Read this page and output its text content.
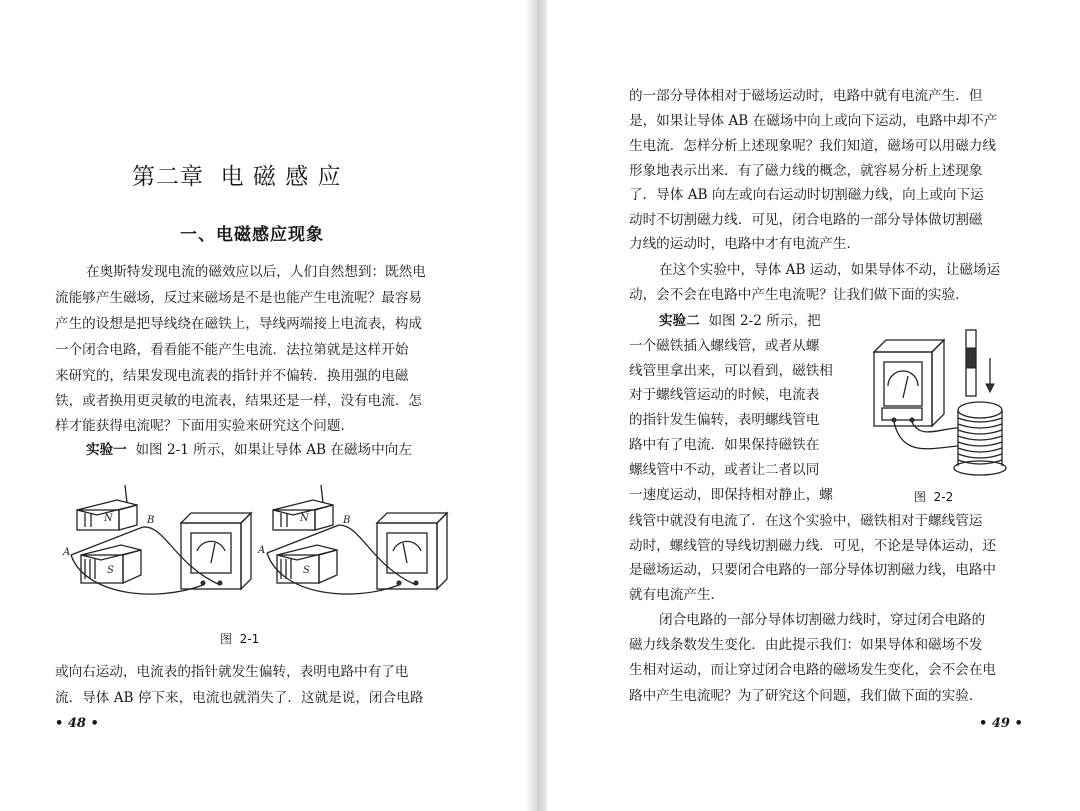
第二章  电 磁 感 应
一、电磁感应现象

在奥斯特发现电流的磁效应以后，人们自然想到：既然电

流能够产生磁场，反过来磁场是不是也能产生电流呢？最容易

产生的设想是把导线绕在磁铁上，导线两端接上电流表，构成

一个闭合电路，看看能不能产生电流．法拉第就是这样开始

来研究的，结果发现电流表的指针并不偏转．换用强的电磁

铁，或者换用更灵敏的电流表，结果还是一样，没有电流．怎

样才能获得电流呢？下面用实验来研究这个问题．

实验一 如图 2-1 所示，如果让导体 AB 在磁场中向左

N
S
A
B	N
S
A
B
图  2-1

或向右运动，电流表的指针就发生偏转，表明电路中有了电

流．导体 AB 停下来，电流也就消失了．这就是说，闭合电路

• 48 •

的一部分导体相对于磁场运动时，电路中就有电流产生．但

是，如果让导体 AB 在磁场中向上或向下运动，电路中却不产

生电流．怎样分析上述现象呢？我们知道，磁场可以用磁力线

形象地表示出来．有了磁力线的概念，就容易分析上述现象

了．导体 AB 向左或向右运动时切割磁力线，向上或向下运

动时不切割磁力线．可见，闭合电路的一部分导体做切割磁

力线的运动时，电路中才有电流产生．

在这个实验中，导体 AB 运动，如果导体不动，让磁场运

动，会不会在电路中产生电流呢？让我们做下面的实验．

实验二 如图 2-2 所示，把

一个磁铁插入螺线管，或者从螺

线管里拿出来，可以看到，磁铁相

对于螺线管运动的时候，电流表

的指针发生偏转，表明螺线管电

路中有了电流．如果保持磁铁在

螺线管中不动，或者让二者以同

一速度运动，即保持相对静止，螺	图  2-2

线管中就没有电流了．在这个实验中，磁铁相对于螺线管运

动时，螺线管的导线切割磁力线．可见，不论是导体运动，还

是磁场运动，只要闭合电路的一部分导体切割磁力线，电路中

就有电流产生．

闭合电路的一部分导体切割磁力线时，穿过闭合电路的

磁力线条数发生变化．由此提示我们：如果导体和磁场不发

生相对运动，而让穿过闭合电路的磁场发生变化，会不会在电

路中产生电流呢？为了研究这个问题，我们做下面的实验．

• 49 •
